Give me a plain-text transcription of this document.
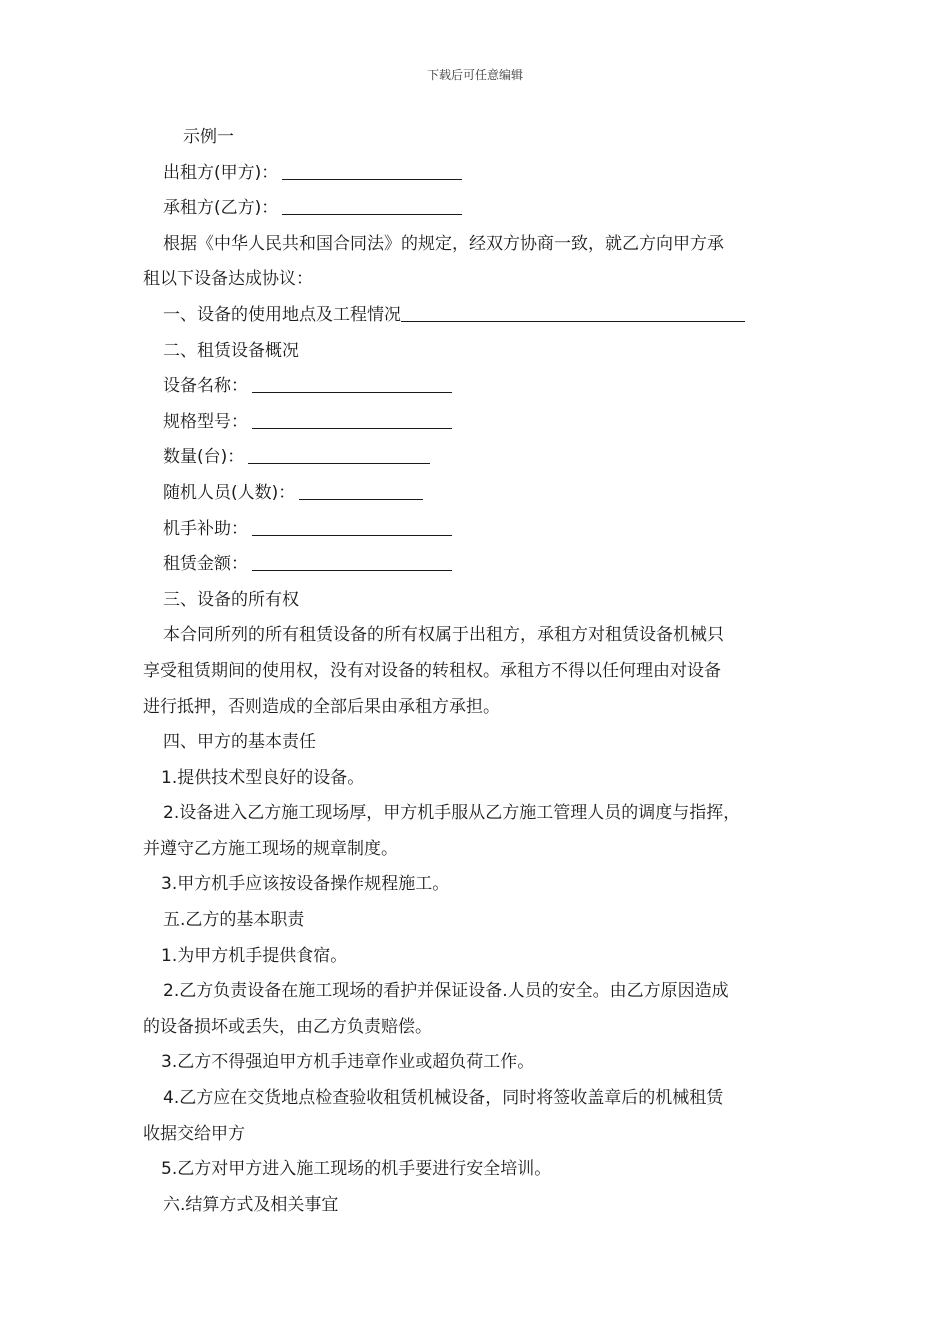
下载后可任意编辑
示例一
出租方(甲方)：
承租方(乙方)：
根据《中华人民共和国合同法》的规定，经双方协商一致，就乙方向甲方承
租以下设备达成协议：
一、设备的使用地点及工程情况
二、租赁设备概况
设备名称：
规格型号：
数量(台)：
随机人员(人数)：
机手补助：
租赁金额：
三、设备的所有权
本合同所列的所有租赁设备的所有权属于出租方，承租方对租赁设备机械只
享受租赁期间的使用权，没有对设备的转租权。承租方不得以任何理由对设备
进行抵押，否则造成的全部后果由承租方承担。
四、甲方的基本责任
1.提供技术型良好的设备。
2.设备进入乙方施工现场厚，甲方机手服从乙方施工管理人员的调度与指挥，
并遵守乙方施工现场的规章制度。
3.甲方机手应该按设备操作规程施工。
五.乙方的基本职责
1.为甲方机手提供食宿。
2.乙方负责设备在施工现场的看护并保证设备.人员的安全。由乙方原因造成
的设备损坏或丢失，由乙方负责赔偿。
3.乙方不得强迫甲方机手违章作业或超负荷工作。
4.乙方应在交货地点检查验收租赁机械设备，同时将签收盖章后的机械租赁
收据交给甲方
5.乙方对甲方进入施工现场的机手要进行安全培训。
六.结算方式及相关事宜
